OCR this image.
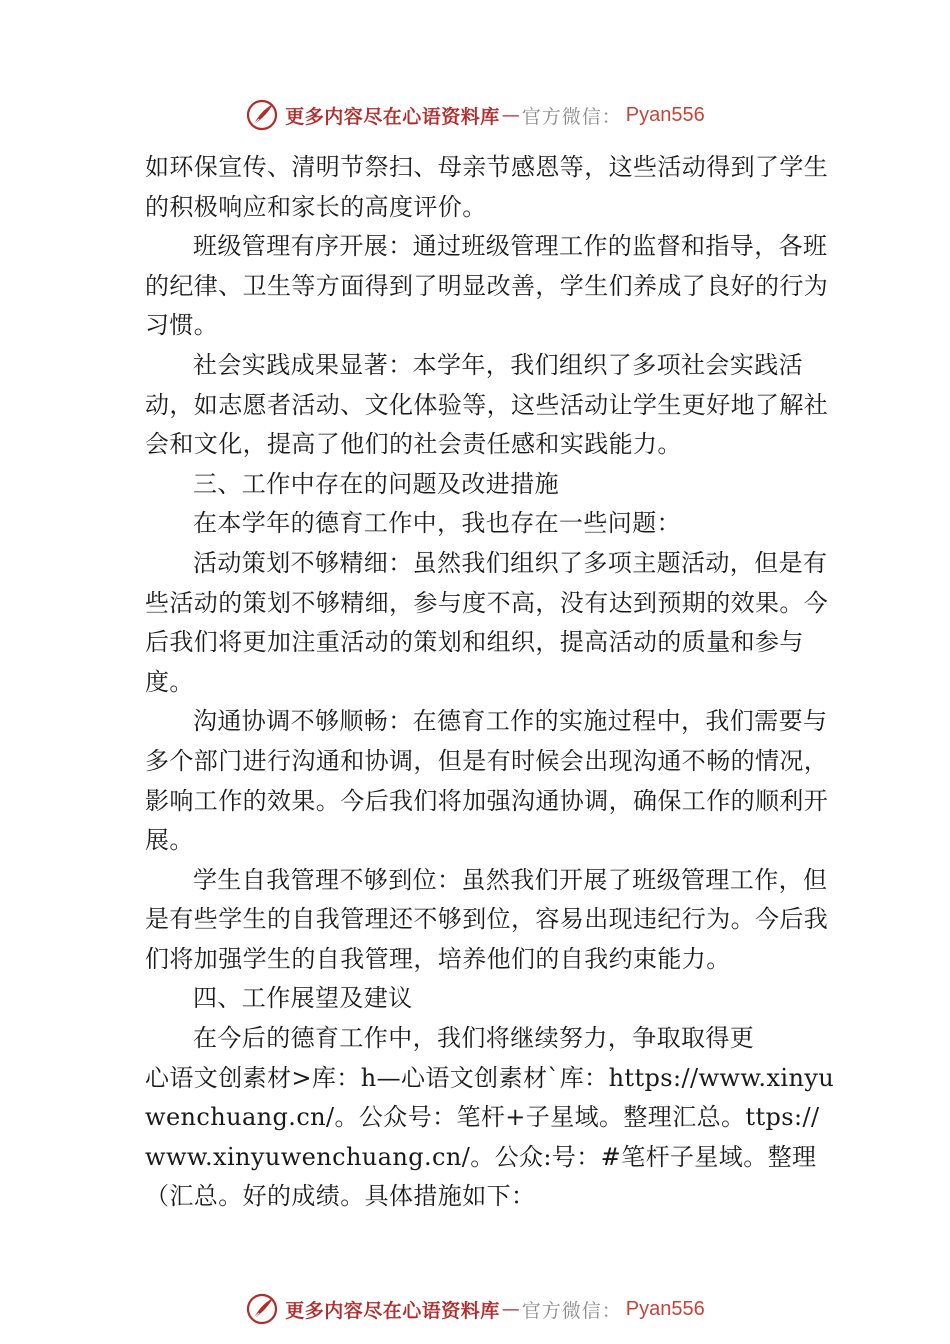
更多内容尽在心语资料库 — 官方微信： Pyan556

如环保宣传、清明节祭扫、母亲节感恩等，这些活动得到了学生的积极响应和家长的高度评价。

班级管理有序开展：通过班级管理工作的监督和指导，各班的纪律、卫生等方面得到了明显改善，学生们养成了良好的行为习惯。

社会实践成果显著：本学年，我们组织了多项社会实践活动，如志愿者活动、文化体验等，这些活动让学生更好地了解社会和文化，提高了他们的社会责任感和实践能力。

三、工作中存在的问题及改进措施

在本学年的德育工作中，我也存在一些问题：

活动策划不够精细：虽然我们组织了多项主题活动，但是有些活动的策划不够精细，参与度不高，没有达到预期的效果。今后我们将更加注重活动的策划和组织，提高活动的质量和参与度。

沟通协调不够顺畅：在德育工作的实施过程中，我们需要与多个部门进行沟通和协调，但是有时候会出现沟通不畅的情况，影响工作的效果。今后我们将加强沟通协调，确保工作的顺利开展。

学生自我管理不够到位：虽然我们开展了班级管理工作，但是有些学生的自我管理还不够到位，容易出现违纪行为。今后我们将加强学生的自我管理，培养他们的自我约束能力。

四、工作展望及建议

在今后的德育工作中，我们将继续努力，争取取得更

心语文创素材>库：h—心语文创素材`库：https://www.xinyuwenchuang.cn/。公众号：笔杆+子星域。整理汇总。ttps://www.xinyuwenchuang.cn/。公众:号：#笔杆子星域。整理（汇总。好的成绩。具体措施如下：

更多内容尽在心语资料库 — 官方微信： Pyan556
